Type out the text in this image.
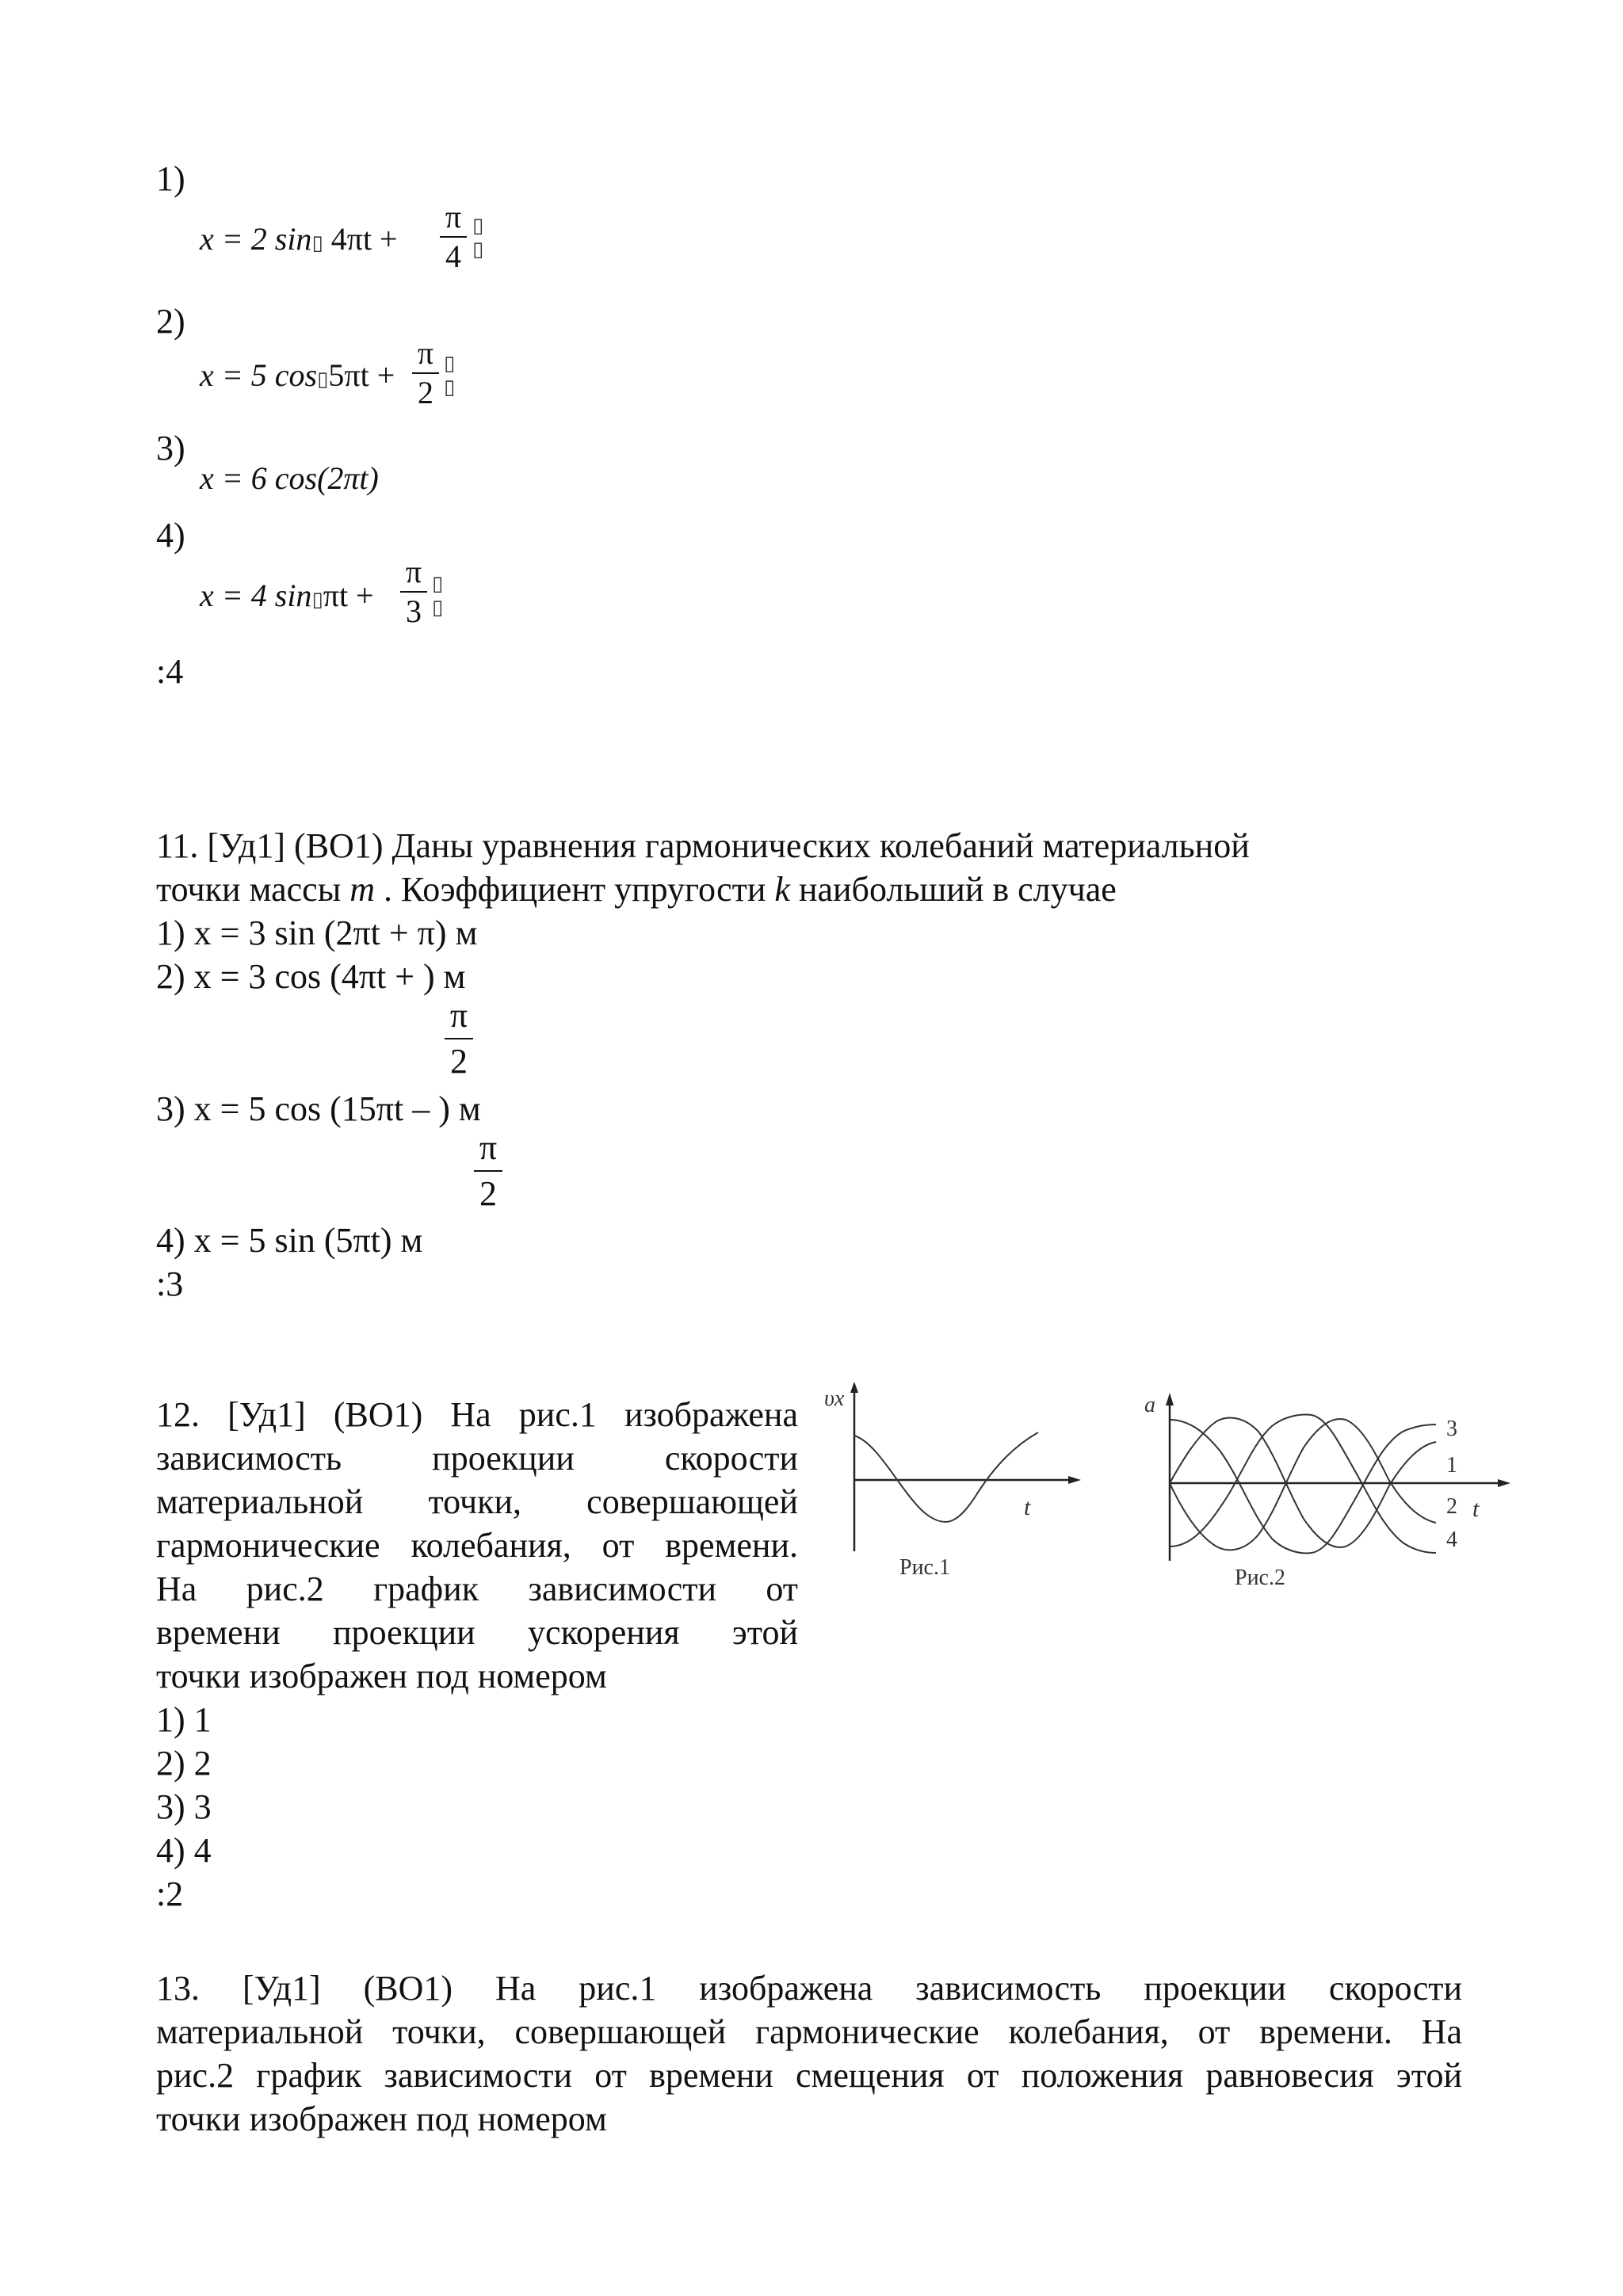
1)
x = 2 sin▯ 4πt +
π
4
▯
▯
2)
x = 5 cos▯5πt +
π
2
▯
▯
3)
x = 6 cos(2πt)
4)
x = 4 sin▯πt +
π
3
▯
▯
:4
11. [Уд1] (ВО1) Даны уравнения гармонических колебаний материальной
точки массы m . Коэффициент упругости k наибольший в случае
1) x = 3 sin (2πt + π) м
2) x = 3 cos (4πt + ) м
π
2
3) x = 5 cos (15πt – ) м
π
2
4) x = 5 sin (5πt) м
:3
12. [Уд1] (ВО1) На рис.1 изображена
зависимость проекции скорости
материальной точки, совершающей
гармонические колебания, от времени.
На рис.2 график зависимости от
времени проекции ускорения этой
точки изображен под номером
1) 1
2) 2
3) 3
4) 4
:2
υx
t
Рис.1
a
t
3
1
2
4
Рис.2
13. [Уд1] (ВО1) На рис.1 изображена зависимость проекции скорости
материальной точки, совершающей гармонические колебания, от времени. На
рис.2 график зависимости от времени смещения от положения равновесия этой
точки изображен под номером
